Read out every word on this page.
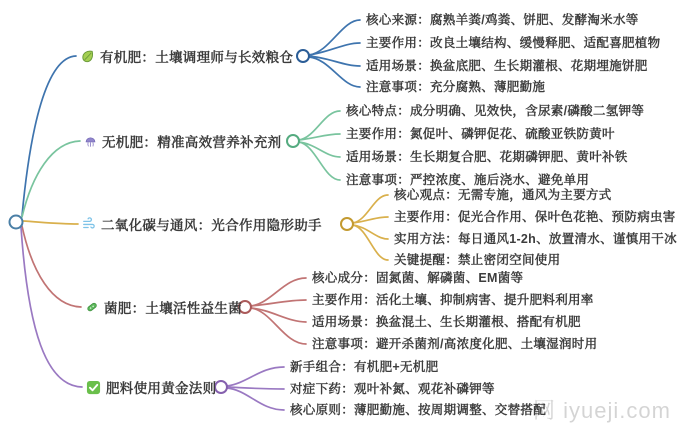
有机肥：土壤调理师与长效粮仓
无机肥：精准高效营养补充剂
二氧化碳与通风：光合作用隐形助手
菌肥：土壤活性益生菌
肥料使用黄金法则
核心来源：腐熟羊粪/鸡粪、饼肥、发酵淘米水等
主要作用：改良土壤结构、缓慢释肥、适配喜肥植物
适用场景：换盆底肥、生长期灌根、花期埋施饼肥
注意事项：充分腐熟、薄肥勤施
核心特点：成分明确、见效快，含尿素/磷酸二氢钾等
主要作用：氮促叶、磷钾促花、硫酸亚铁防黄叶
适用场景：生长期复合肥、花期磷钾肥、黄叶补铁
注意事项：严控浓度、施后浇水、避免单用
核心观点：无需专施，通风为主要方式
主要作用：促光合作用、保叶色花艳、预防病虫害
实用方法：每日通风1-2h、放置清水、谨慎用干冰
关键提醒：禁止密闭空间使用
核心成分：固氮菌、解磷菌、EM菌等
主要作用：活化土壤、抑制病害、提升肥料利用率
适用场景：换盆混土、生长期灌根、搭配有机肥
注意事项：避开杀菌剂/高浓度化肥、土壤湿润时用
新手组合：有机肥+无机肥
对症下药：观叶补氮、观花补磷钾等
核心原则：薄肥勤施、按周期调整、交替搭配
网 iyueji.com
